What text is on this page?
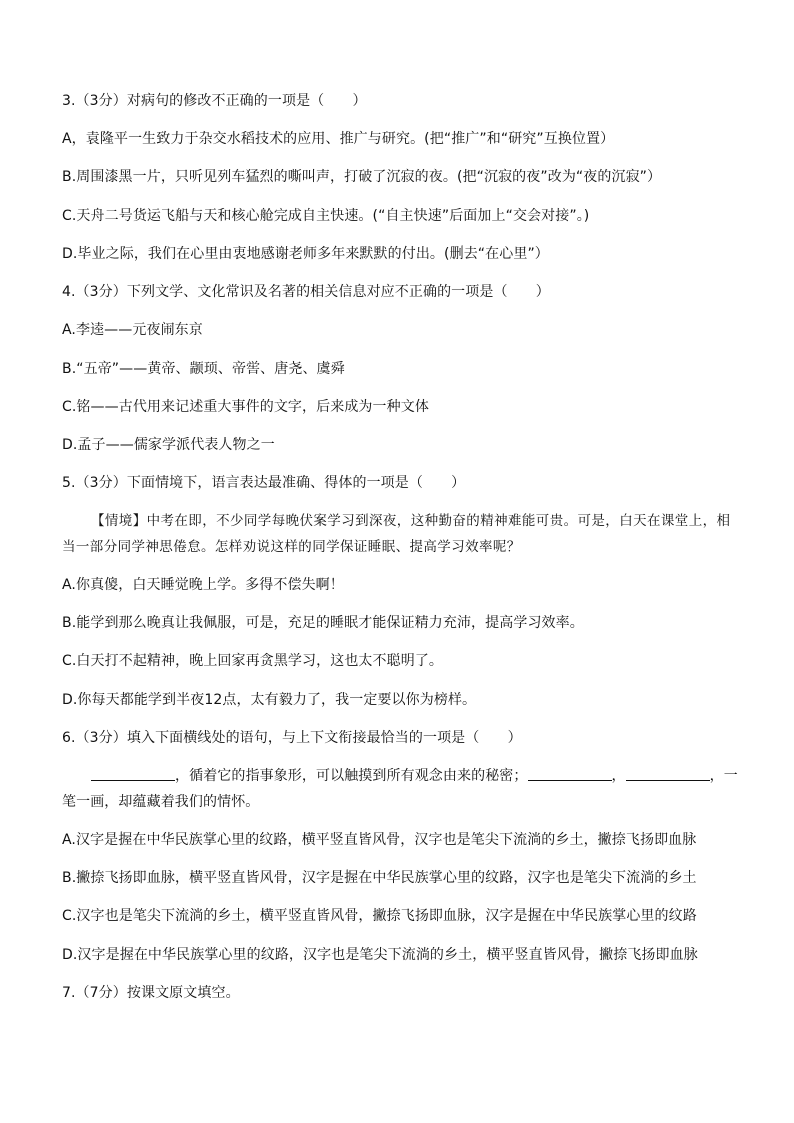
3.（3分）对病句的修改不正确的一项是（　　）
A，袁隆平一生致力于杂交水稻技术的应用、推广与研究。(把“推广”和“研究”互换位置）
B.周围漆黑一片，只听见列车猛烈的嘶叫声，打破了沉寂的夜。(把“沉寂的夜”改为“夜的沉寂”）
C.天舟二号货运飞船与天和核心舱完成自主快速。(“自主快速”后面加上“交会对接”。)
D.毕业之际，我们在心里由衷地感谢老师多年来默默的付出。(删去“在心里”）
4.（3分）下列文学、文化常识及名著的相关信息对应不正确的一项是（　　）
A.李逵——元夜闹东京
B.“五帝”——黄帝、颛顼、帝喾、唐尧、虞舜
C.铭——古代用来记述重大事件的文字，后来成为一种文体
D.孟子——儒家学派代表人物之一
5.（3分）下面情境下，语言表达最准确、得体的一项是（　　）
【情境】中考在即，不少同学每晚伏案学习到深夜，这种勤奋的精神难能可贵。可是，白天在课堂上，相
当一部分同学神思倦怠。怎样劝说这样的同学保证睡眠、提高学习效率呢？
A.你真傻，白天睡觉晚上学。多得不偿失啊！
B.能学到那么晚真让我佩服，可是，充足的睡眠才能保证精力充沛，提高学习效率。
C.白天打不起精神，晚上回家再贪黑学习，这也太不聪明了。
D.你每天都能学到半夜12点，太有毅力了，我一定要以你为榜样。
6.（3分）填入下面横线处的语句，与上下文衔接最恰当的一项是（　　）
，循着它的指事象形，可以触摸到所有观念由来的秘密；	，	，一
笔一画，却蕴藏着我们的情怀。
A.汉字是握在中华民族掌心里的纹路，横平竖直皆风骨，汉字也是笔尖下流淌的乡土，撇捺飞扬即血脉
B.撇捺飞扬即血脉，横平竖直皆风骨，汉字是握在中华民族掌心里的纹路，汉字也是笔尖下流淌的乡土
C.汉字也是笔尖下流淌的乡土，横平竖直皆风骨，撇捺飞扬即血脉，汉字是握在中华民族掌心里的纹路
D.汉字是握在中华民族掌心里的纹路，汉字也是笔尖下流淌的乡土，横平竖直皆风骨，撇捺飞扬即血脉
7.（7分）按课文原文填空。
